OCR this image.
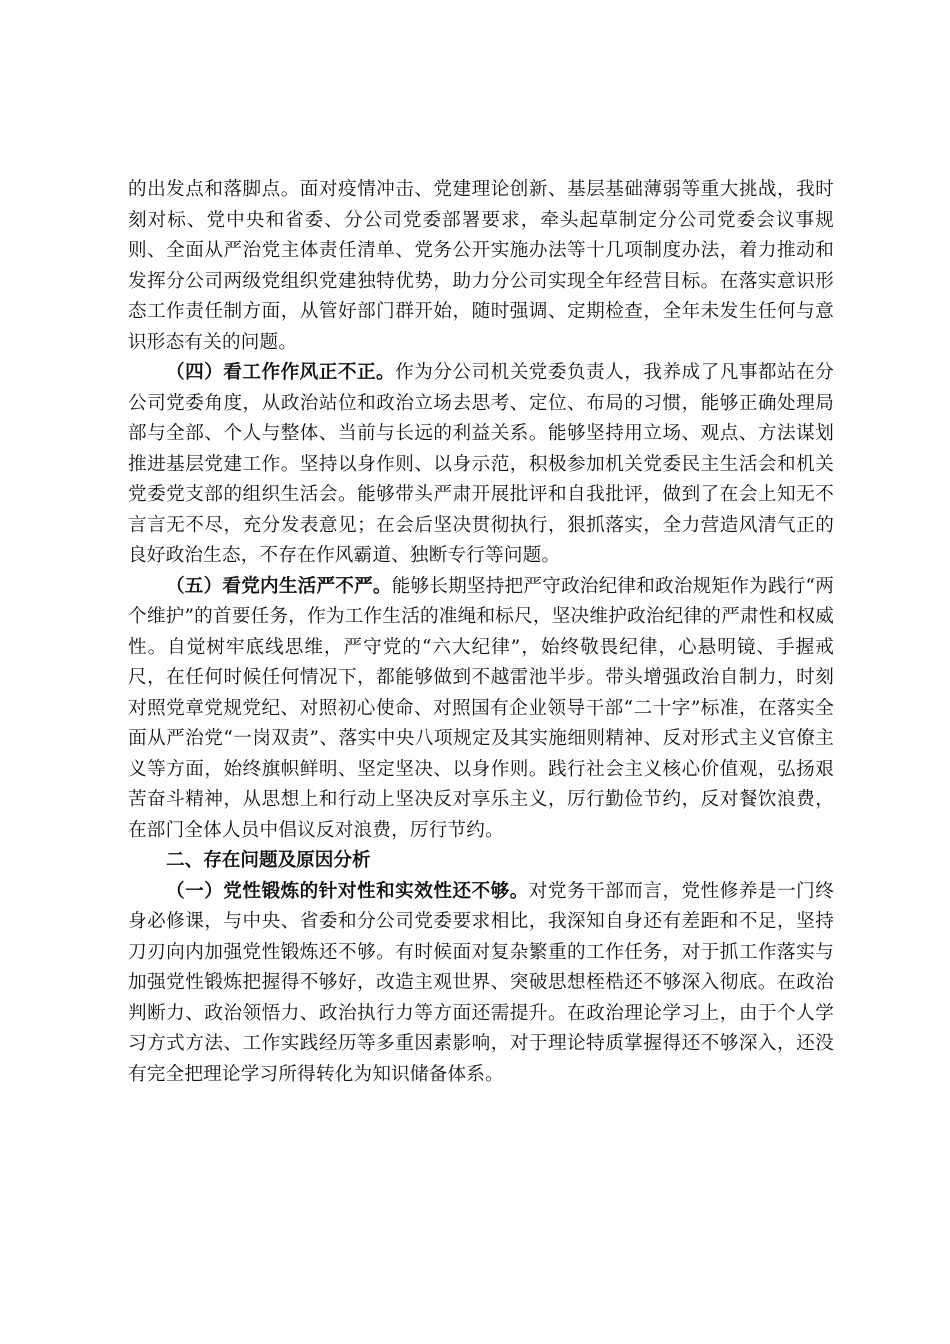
的出发点和落脚点。面对疫情冲击、党建理论创新、基层基础薄弱等重大挑战，我时刻对标、党中央和省委、分公司党委部署要求，牵头起草制定分公司党委会议事规则、全面从严治党主体责任清单、党务公开实施办法等十几项制度办法，着力推动和发挥分公司两级党组织党建独特优势，助力分公司实现全年经营目标。在落实意识形态工作责任制方面，从管好部门群开始，随时强调、定期检查，全年未发生任何与意识形态有关的问题。

（四）看工作作风正不正。作为分公司机关党委负责人，我养成了凡事都站在分公司党委角度，从政治站位和政治立场去思考、定位、布局的习惯，能够正确处理局部与全部、个人与整体、当前与长远的利益关系。能够坚持用立场、观点、方法谋划推进基层党建工作。坚持以身作则、以身示范，积极参加机关党委民主生活会和机关党委党支部的组织生活会。能够带头严肃开展批评和自我批评，做到了在会上知无不言言无不尽，充分发表意见；在会后坚决贯彻执行，狠抓落实，全力营造风清气正的良好政治生态，不存在作风霸道、独断专行等问题。

（五）看党内生活严不严。能够长期坚持把严守政治纪律和政治规矩作为践行“两个维护”的首要任务，作为工作生活的准绳和标尺，坚决维护政治纪律的严肃性和权威性。自觉树牢底线思维，严守党的“六大纪律”，始终敬畏纪律，心悬明镜、手握戒尺，在任何时候任何情况下，都能够做到不越雷池半步。带头增强政治自制力，时刻对照党章党规党纪、对照初心使命、对照国有企业领导干部“二十字”标准，在落实全面从严治党“一岗双责”、落实中央八项规定及其实施细则精神、反对形式主义官僚主义等方面，始终旗帜鲜明、坚定坚决、以身作则。践行社会主义核心价值观，弘扬艰苦奋斗精神，从思想上和行动上坚决反对享乐主义，厉行勤俭节约，反对餐饮浪费，在部门全体人员中倡议反对浪费，厉行节约。

二、存在问题及原因分析

（一）党性锻炼的针对性和实效性还不够。对党务干部而言，党性修养是一门终身必修课，与中央、省委和分公司党委要求相比，我深知自身还有差距和不足，坚持刀刃向内加强党性锻炼还不够。有时候面对复杂繁重的工作任务，对于抓工作落实与加强党性锻炼把握得不够好，改造主观世界、突破思想桎梏还不够深入彻底。在政治判断力、政治领悟力、政治执行力等方面还需提升。在政治理论学习上，由于个人学习方式方法、工作实践经历等多重因素影响，对于理论特质掌握得还不够深入，还没有完全把理论学习所得转化为知识储备体系。
